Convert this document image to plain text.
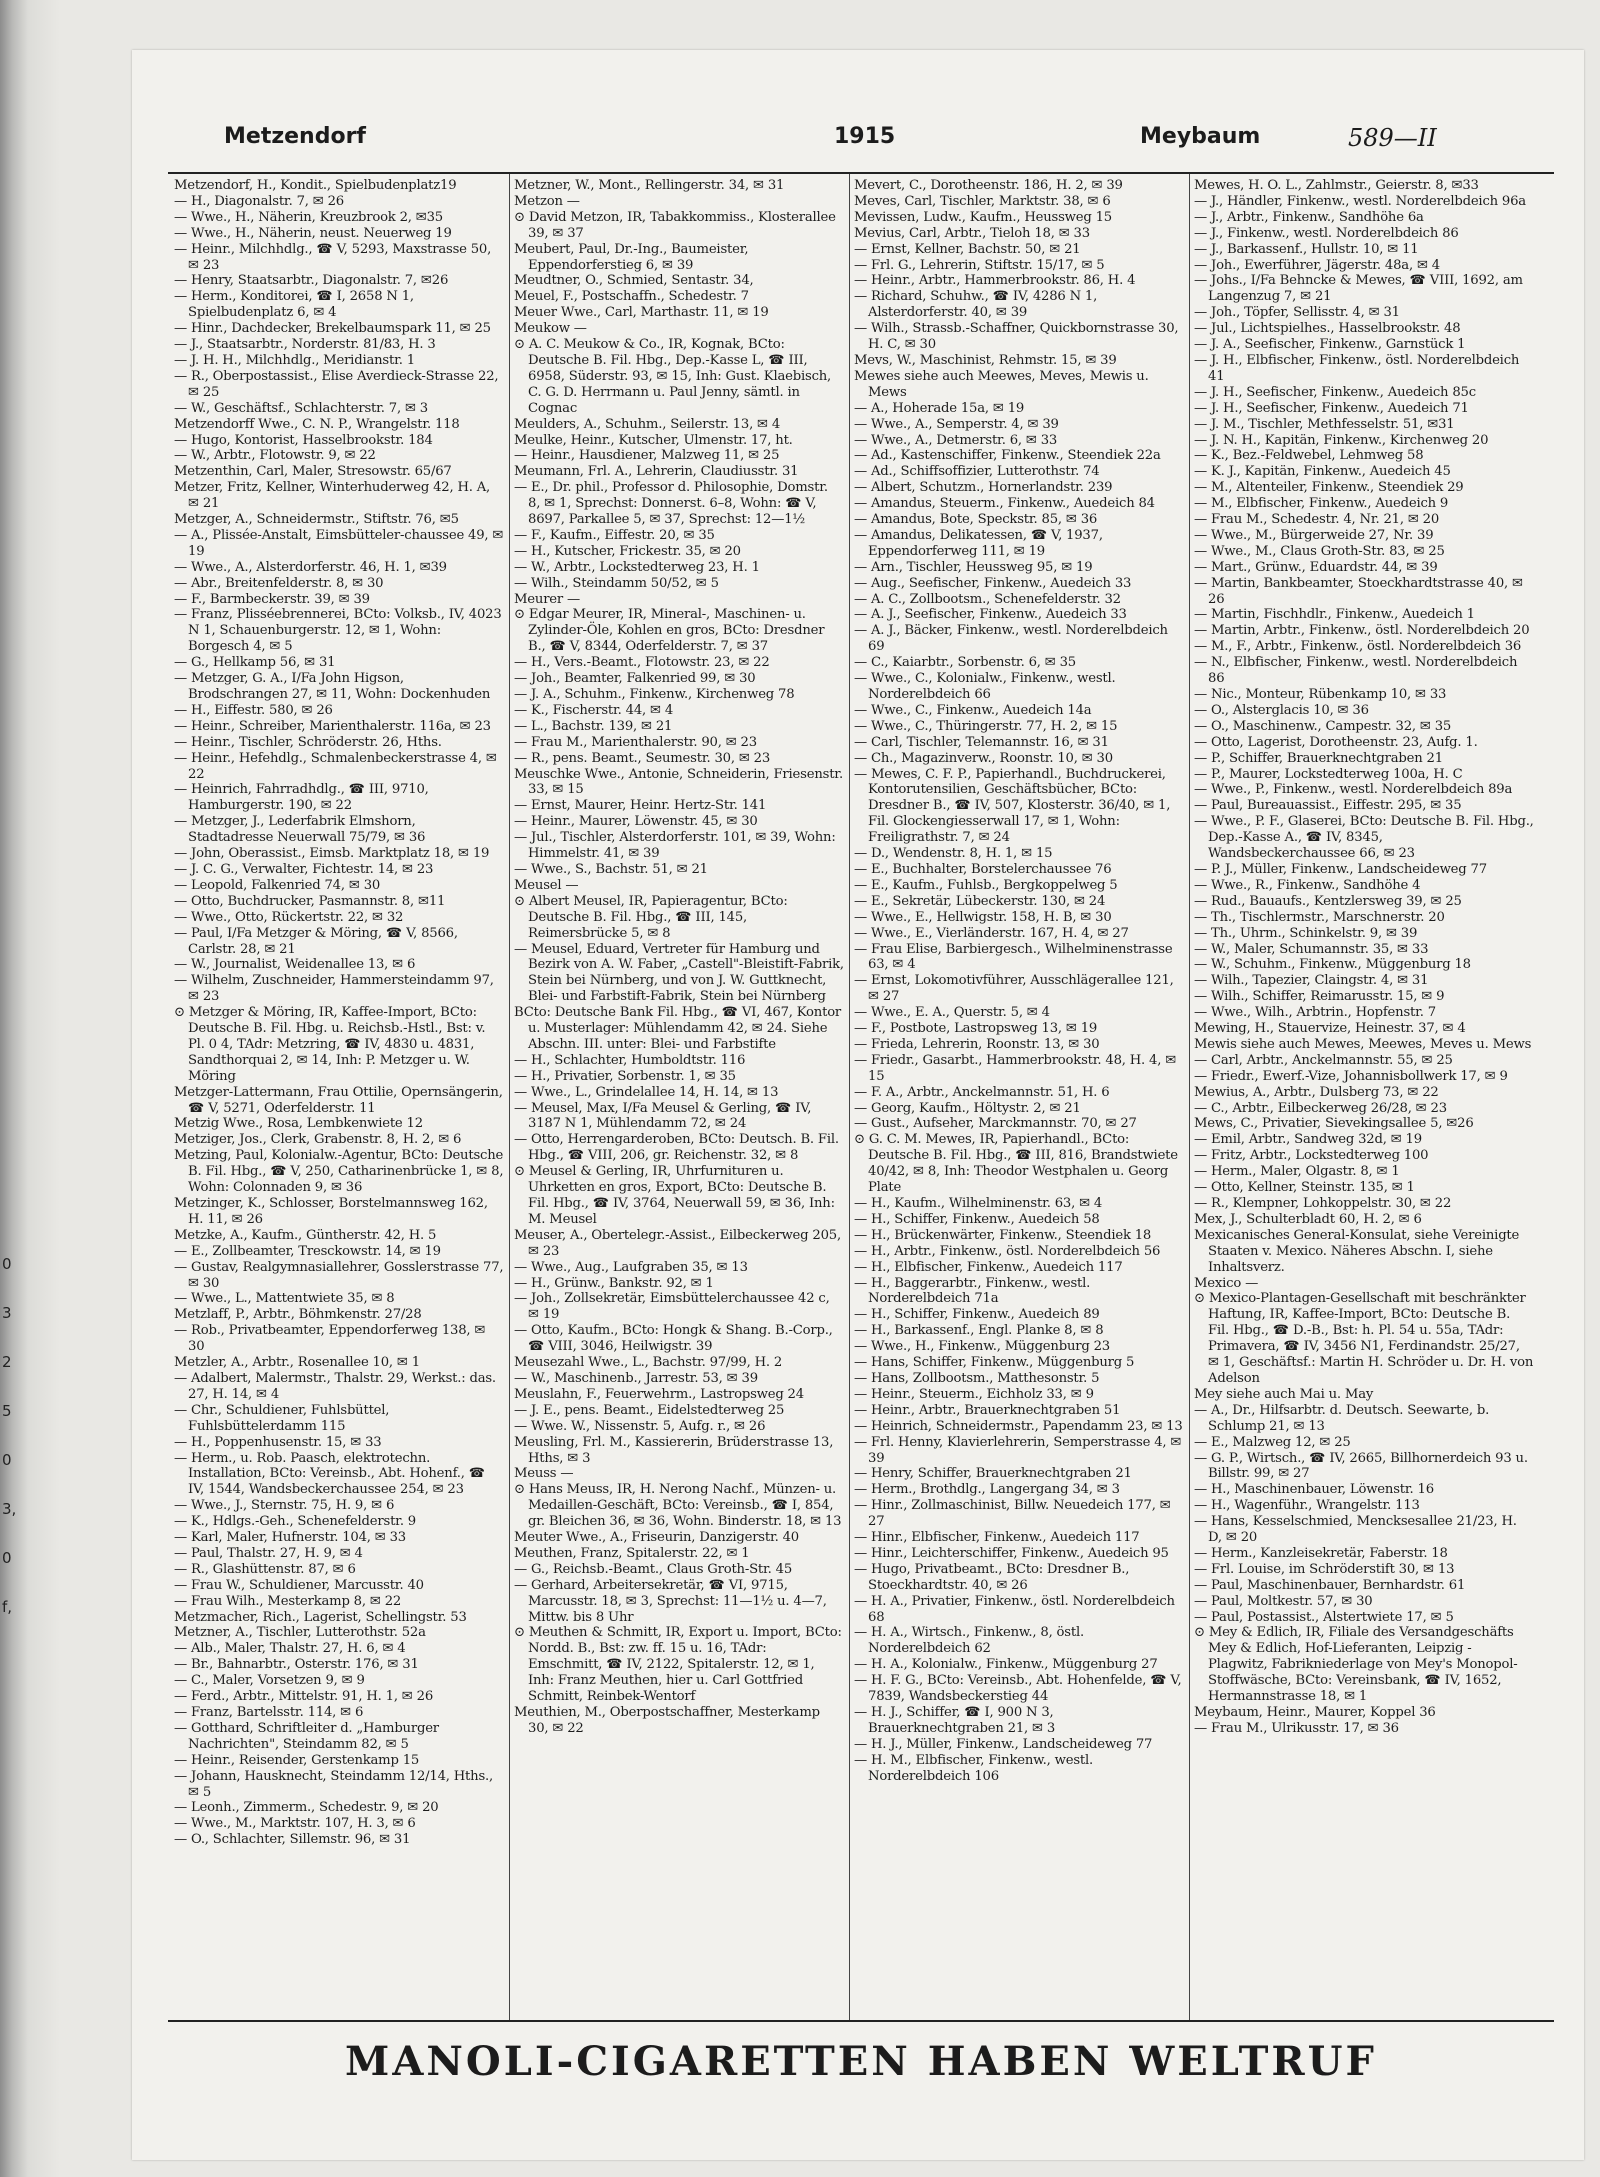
0
3
2
5
0
3,
0
f,
Metzendorf	1915	Meybaum	589—II

Metzendorf, H., Kondit., Spielbudenplatz19

— H., Diagonalstr. 7, ✉ 26

— Wwe., H., Näherin, Kreuzbrook 2, ✉35

— Wwe., H., Näherin, neust. Neuerweg 19

— Heinr., Milchhdlg., ☎ V, 5293, Maxstrasse 50, ✉ 23

— Henry, Staatsarbtr., Diagonalstr. 7, ✉26

— Herm., Konditorei, ☎ I, 2658 N 1, Spielbudenplatz 6, ✉ 4

— Hinr., Dachdecker, Brekelbaumspark 11, ✉ 25

— J., Staatsarbtr., Norderstr. 81/83, H. 3

— J. H. H., Milchhdlg., Meridianstr. 1

— R., Oberpostassist., Elise Averdieck-Strasse 22, ✉ 25

— W., Geschäftsf., Schlachterstr. 7, ✉ 3

Metzendorff Wwe., C. N. P., Wrangelstr. 118

— Hugo, Kontorist, Hasselbrookstr. 184

— W., Arbtr., Flotowstr. 9, ✉ 22

Metzenthin, Carl, Maler, Stresowstr. 65/67

Metzer, Fritz, Kellner, Winterhuderweg 42, H. A, ✉ 21

Metzger, A., Schneidermstr., Stiftstr. 76, ✉5

— A., Plissée-Anstalt, Eimsbütteler-chaussee 49, ✉ 19

— Wwe., A., Alsterdorferstr. 46, H. 1, ✉39

— Abr., Breitenfelderstr. 8, ✉ 30

— F., Barmbeckerstr. 39, ✉ 39

— Franz, Plisséebrennerei, BCto: Volksb., IV, 4023 N 1, Schauenburgerstr. 12, ✉ 1, Wohn: Borgesch 4, ✉ 5

— G., Hellkamp 56, ✉ 31

— Metzger, G. A., I/Fa John Higson, Brodschrangen 27, ✉ 11, Wohn: Dockenhuden

— H., Eiffestr. 580, ✉ 26

— Heinr., Schreiber, Marienthalerstr. 116a, ✉ 23

— Heinr., Tischler, Schröderstr. 26, Hths.

— Heinr., Hefehdlg., Schmalenbeckerstrasse 4, ✉ 22

— Heinrich, Fahrradhdlg., ☎ III, 9710, Hamburgerstr. 190, ✉ 22

— Metzger, J., Lederfabrik Elmshorn, Stadtadresse Neuerwall 75/79, ✉ 36

— John, Oberassist., Eimsb. Marktplatz 18, ✉ 19

— J. C. G., Verwalter, Fichtestr. 14, ✉ 23

— Leopold, Falkenried 74, ✉ 30

— Otto, Buchdrucker, Pasmannstr. 8, ✉11

— Wwe., Otto, Rückertstr. 22, ✉ 32

— Paul, I/Fa Metzger & Möring, ☎ V, 8566, Carlstr. 28, ✉ 21

— W., Journalist, Weidenallee 13, ✉ 6

— Wilhelm, Zuschneider, Hammersteindamm 97, ✉ 23

⊙ Metzger & Möring, IR, Kaffee-Import, BCto: Deutsche B. Fil. Hbg. u. Reichsb.-Hstl., Bst: v. Pl. 0 4, TAdr: Metzring, ☎ IV, 4830 u. 4831, Sandthorquai 2, ✉ 14, Inh: P. Metzger u. W. Möring

Metzger-Lattermann, Frau Ottilie, Opernsängerin, ☎ V, 5271, Oderfelderstr. 11

Metzig Wwe., Rosa, Lembkenwiete 12

Metziger, Jos., Clerk, Grabenstr. 8, H. 2, ✉ 6

Metzing, Paul, Kolonialw.-Agentur, BCto: Deutsche B. Fil. Hbg., ☎ V, 250, Catharinenbrücke 1, ✉ 8, Wohn: Colonnaden 9, ✉ 36

Metzinger, K., Schlosser, Borstelmannsweg 162, H. 11, ✉ 26

Metzke, A., Kaufm., Güntherstr. 42, H. 5

— E., Zollbeamter, Tresckowstr. 14, ✉ 19

— Gustav, Realgymnasiallehrer, Gosslerstrasse 77, ✉ 30

— Wwe., L., Mattentwiete 35, ✉ 8

Metzlaff, P., Arbtr., Böhmkenstr. 27/28

— Rob., Privatbeamter, Eppendorferweg 138, ✉ 30

Metzler, A., Arbtr., Rosenallee 10, ✉ 1

— Adalbert, Malermstr., Thalstr. 29, Werkst.: das. 27, H. 14, ✉ 4

— Chr., Schuldiener, Fuhlsbüttel, Fuhlsbüttelerdamm 115

— H., Poppenhusenstr. 15, ✉ 33

— Herm., u. Rob. Paasch, elektrotechn. Installation, BCto: Vereinsb., Abt. Hohenf., ☎ IV, 1544, Wandsbeckerchaussee 254, ✉ 23

— Wwe., J., Sternstr. 75, H. 9, ✉ 6

— K., Hdlgs.-Geh., Schenefelderstr. 9

— Karl, Maler, Hufnerstr. 104, ✉ 33

— Paul, Thalstr. 27, H. 9, ✉ 4

— R., Glashüttenstr. 87, ✉ 6

— Frau W., Schuldiener, Marcusstr. 40

— Frau Wilh., Mesterkamp 8, ✉ 22

Metzmacher, Rich., Lagerist, Schellingstr. 53

Metzner, A., Tischler, Lutterothstr. 52a

— Alb., Maler, Thalstr. 27, H. 6, ✉ 4

— Br., Bahnarbtr., Osterstr. 176, ✉ 31

— C., Maler, Vorsetzen 9, ✉ 9

— Ferd., Arbtr., Mittelstr. 91, H. 1, ✉ 26

— Franz, Bartelsstr. 114, ✉ 6

— Gotthard, Schriftleiter d. „Hamburger Nachrichten", Steindamm 82, ✉ 5

— Heinr., Reisender, Gerstenkamp 15

— Johann, Hausknecht, Steindamm 12/14, Hths., ✉ 5

— Leonh., Zimmerm., Schedestr. 9, ✉ 20

— Wwe., M., Marktstr. 107, H. 3, ✉ 6

— O., Schlachter, Sillemstr. 96, ✉ 31

Metzner, W., Mont., Rellingerstr. 34, ✉ 31

Metzon —

⊙ David Metzon, IR, Tabakkommiss., Klosterallee 39, ✉ 37

Meubert, Paul, Dr.-Ing., Baumeister, Eppendorferstieg 6, ✉ 39

Meudtner, O., Schmied, Sentastr. 34,

Meuel, F., Postschaffn., Schedestr. 7

Meuer Wwe., Carl, Marthastr. 11, ✉ 19

Meukow —

⊙ A. C. Meukow & Co., IR, Kognak, BCto: Deutsche B. Fil. Hbg., Dep.-Kasse L, ☎ III, 6958, Süderstr. 93, ✉ 15, Inh: Gust. Klaebisch, C. G. D. Herrmann u. Paul Jenny, sämtl. in Cognac

Meulders, A., Schuhm., Seilerstr. 13, ✉ 4

Meulke, Heinr., Kutscher, Ulmenstr. 17, ht.

— Heinr., Hausdiener, Malzweg 11, ✉ 25

Meumann, Frl. A., Lehrerin, Claudiusstr. 31

— E., Dr. phil., Professor d. Philosophie, Domstr. 8, ✉ 1, Sprechst: Donnerst. 6–8, Wohn: ☎ V, 8697, Parkallee 5, ✉ 37, Sprechst: 12—1½

— F., Kaufm., Eiffestr. 20, ✉ 35

— H., Kutscher, Frickestr. 35, ✉ 20

— W., Arbtr., Lockstedterweg 23, H. 1

— Wilh., Steindamm 50/52, ✉ 5

Meurer —

⊙ Edgar Meurer, IR, Mineral-, Maschinen- u. Zylinder-Öle, Kohlen en gros, BCto: Dresdner B., ☎ V, 8344, Oderfelderstr. 7, ✉ 37

— H., Vers.-Beamt., Flotowstr. 23, ✉ 22

— Joh., Beamter, Falkenried 99, ✉ 30

— J. A., Schuhm., Finkenw., Kirchenweg 78

— K., Fischerstr. 44, ✉ 4

— L., Bachstr. 139, ✉ 21

— Frau M., Marienthalerstr. 90, ✉ 23

— R., pens. Beamt., Seumestr. 30, ✉ 23

Meuschke Wwe., Antonie, Schneiderin, Friesenstr. 33, ✉ 15

— Ernst, Maurer, Heinr. Hertz-Str. 141

— Heinr., Maurer, Löwenstr. 45, ✉ 30

— Jul., Tischler, Alsterdorferstr. 101, ✉ 39, Wohn: Himmelstr. 41, ✉ 39

— Wwe., S., Bachstr. 51, ✉ 21

Meusel —

⊙ Albert Meusel, IR, Papieragentur, BCto: Deutsche B. Fil. Hbg., ☎ III, 145, Reimersbrücke 5, ✉ 8

— Meusel, Eduard, Vertreter für Hamburg und Bezirk von A. W. Faber, „Castell"-Bleistift-Fabrik, Stein bei Nürnberg, und von J. W. Guttknecht, Blei- und Farbstift-Fabrik, Stein bei Nürnberg

BCto: Deutsche Bank Fil. Hbg., ☎ VI, 467, Kontor u. Musterlager: Mühlendamm 42, ✉ 24. Siehe Abschn. III. unter: Blei- und Farbstifte

— H., Schlachter, Humboldtstr. 116

— H., Privatier, Sorbenstr. 1, ✉ 35

— Wwe., L., Grindelallee 14, H. 14, ✉ 13

— Meusel, Max, I/Fa Meusel & Gerling, ☎ IV, 3187 N 1, Mühlendamm 72, ✉ 24

— Otto, Herrengarderoben, BCto: Deutsch. B. Fil. Hbg., ☎ VIII, 206, gr. Reichenstr. 32, ✉ 8

⊙ Meusel & Gerling, IR, Uhrfurnituren u. Uhrketten en gros, Export, BCto: Deutsche B. Fil. Hbg., ☎ IV, 3764, Neuerwall 59, ✉ 36, Inh: M. Meusel

Meuser, A., Obertelegr.-Assist., Eilbeckerweg 205, ✉ 23

— Wwe., Aug., Laufgraben 35, ✉ 13

— H., Grünw., Bankstr. 92, ✉ 1

— Joh., Zollsekretär, Eimsbüttelerchaussee 42 c, ✉ 19

— Otto, Kaufm., BCto: Hongk & Shang. B.-Corp., ☎ VIII, 3046, Heilwigstr. 39

Meusezahl Wwe., L., Bachstr. 97/99, H. 2

— W., Maschinenb., Jarrestr. 53, ✉ 39

Meuslahn, F., Feuerwehrm., Lastropsweg 24

— J. E., pens. Beamt., Eidelstedterweg 25

— Wwe. W., Nissenstr. 5, Aufg. r., ✉ 26

Meusling, Frl. M., Kassiererin, Brüderstrasse 13, Hths, ✉ 3

Meuss —

⊙ Hans Meuss, IR, H. Nerong Nachf., Münzen- u. Medaillen-Geschäft, BCto: Vereinsb., ☎ I, 854, gr. Bleichen 36, ✉ 36, Wohn. Binderstr. 18, ✉ 13

Meuter Wwe., A., Friseurin, Danzigerstr. 40

Meuthen, Franz, Spitalerstr. 22, ✉ 1

— G., Reichsb.-Beamt., Claus Groth-Str. 45

— Gerhard, Arbeitersekretär, ☎ VI, 9715, Marcusstr. 18, ✉ 3, Sprechst: 11—1½ u. 4—7, Mittw. bis 8 Uhr

⊙ Meuthen & Schmitt, IR, Export u. Import, BCto: Nordd. B., Bst: zw. ff. 15 u. 16, TAdr: Emschmitt, ☎ IV, 2122, Spitalerstr. 12, ✉ 1, Inh: Franz Meuthen, hier u. Carl Gottfried Schmitt, Reinbek-Wentorf

Meuthien, M., Oberpostschaffner, Mesterkamp 30, ✉ 22

Mevert, C., Dorotheenstr. 186, H. 2, ✉ 39

Meves, Carl, Tischler, Marktstr. 38, ✉ 6

Mevissen, Ludw., Kaufm., Heussweg 15

Mevius, Carl, Arbtr., Tieloh 18, ✉ 33

— Ernst, Kellner, Bachstr. 50, ✉ 21

— Frl. G., Lehrerin, Stiftstr. 15/17, ✉ 5

— Heinr., Arbtr., Hammerbrookstr. 86, H. 4

— Richard, Schuhw., ☎ IV, 4286 N 1, Alsterdorferstr. 40, ✉ 39

— Wilh., Strassb.-Schaffner, Quickbornstrasse 30, H. C, ✉ 30

Mevs, W., Maschinist, Rehmstr. 15, ✉ 39

Mewes siehe auch Meewes, Meves, Mewis u. Mews

— A., Hoherade 15a, ✉ 19

— Wwe., A., Semperstr. 4, ✉ 39

— Wwe., A., Detmerstr. 6, ✉ 33

— Ad., Kastenschiffer, Finkenw., Steendiek 22a

— Ad., Schiffsoffizier, Lutterothstr. 74

— Albert, Schutzm., Hornerlandstr. 239

— Amandus, Steuerm., Finkenw., Auedeich 84

— Amandus, Bote, Speckstr. 85, ✉ 36

— Amandus, Delikatessen, ☎ V, 1937, Eppendorferweg 111, ✉ 19

— Arn., Tischler, Heussweg 95, ✉ 19

— Aug., Seefischer, Finkenw., Auedeich 33

— A. C., Zollbootsm., Schenefelderstr. 32

— A. J., Seefischer, Finkenw., Auedeich 33

— A. J., Bäcker, Finkenw., westl. Norderelbdeich 69

— C., Kaiarbtr., Sorbenstr. 6, ✉ 35

— Wwe., C., Kolonialw., Finkenw., westl. Norderelbdeich 66

— Wwe., C., Finkenw., Auedeich 14a

— Wwe., C., Thüringerstr. 77, H. 2, ✉ 15

— Carl, Tischler, Telemannstr. 16, ✉ 31

— Ch., Magazinverw., Roonstr. 10, ✉ 30

— Mewes, C. F. P., Papierhandl., Buchdruckerei, Kontorutensilien, Geschäftsbücher, BCto: Dresdner B., ☎ IV, 507, Klosterstr. 36/40, ✉ 1, Fil. Glockengiesserwall 17, ✉ 1, Wohn: Freiligrathstr. 7, ✉ 24

— D., Wendenstr. 8, H. 1, ✉ 15

— E., Buchhalter, Borstelerchaussee 76

— E., Kaufm., Fuhlsb., Bergkoppelweg 5

— E., Sekretär, Lübeckerstr. 130, ✉ 24

— Wwe., E., Hellwigstr. 158, H. B, ✉ 30

— Wwe., E., Vierländerstr. 167, H. 4, ✉ 27

— Frau Elise, Barbiergesch., Wilhelminenstrasse 63, ✉ 4

— Ernst, Lokomotivführer, Ausschlägerallee 121, ✉ 27

— Wwe., E. A., Querstr. 5, ✉ 4

— F., Postbote, Lastropsweg 13, ✉ 19

— Frieda, Lehrerin, Roonstr. 13, ✉ 30

— Friedr., Gasarbt., Hammerbrookstr. 48, H. 4, ✉ 15

— F. A., Arbtr., Anckelmannstr. 51, H. 6

— Georg, Kaufm., Höltystr. 2, ✉ 21

— Gust., Aufseher, Marckmannstr. 70, ✉ 27

⊙ G. C. M. Mewes, IR, Papierhandl., BCto: Deutsche B. Fil. Hbg., ☎ III, 816, Brandstwiete 40/42, ✉ 8, Inh: Theodor Westphalen u. Georg Plate

— H., Kaufm., Wilhelminenstr. 63, ✉ 4

— H., Schiffer, Finkenw., Auedeich 58

— H., Brückenwärter, Finkenw., Steendiek 18

— H., Arbtr., Finkenw., östl. Norderelbdeich 56

— H., Elbfischer, Finkenw., Auedeich 117

— H., Baggerarbtr., Finkenw., westl. Norderelbdeich 71a

— H., Schiffer, Finkenw., Auedeich 89

— H., Barkassenf., Engl. Planke 8, ✉ 8

— Wwe., H., Finkenw., Müggenburg 23

— Hans, Schiffer, Finkenw., Müggenburg 5

— Hans, Zollbootsm., Matthesonstr. 5

— Heinr., Steuerm., Eichholz 33, ✉ 9

— Heinr., Arbtr., Brauerknechtgraben 51

— Heinrich, Schneidermstr., Papendamm 23, ✉ 13

— Frl. Henny, Klavierlehrerin, Semperstrasse 4, ✉ 39

— Henry, Schiffer, Brauerknechtgraben 21

— Herm., Brothdlg., Langergang 34, ✉ 3

— Hinr., Zollmaschinist, Billw. Neuedeich 177, ✉ 27

— Hinr., Elbfischer, Finkenw., Auedeich 117

— Hinr., Leichterschiffer, Finkenw., Auedeich 95

— Hugo, Privatbeamt., BCto: Dresdner B., Stoeckhardtstr. 40, ✉ 26

— H. A., Privatier, Finkenw., östl. Norderelbdeich 68

— H. A., Wirtsch., Finkenw., 8, östl. Norderelbdeich 62

— H. A., Kolonialw., Finkenw., Müggenburg 27

— H. F. G., BCto: Vereinsb., Abt. Hohenfelde, ☎ V, 7839, Wandsbeckerstieg 44

— H. J., Schiffer, ☎ I, 900 N 3, Brauerknechtgraben 21, ✉ 3

— H. J., Müller, Finkenw., Landscheideweg 77

— H. M., Elbfischer, Finkenw., westl. Norderelbdeich 106

Mewes, H. O. L., Zahlmstr., Geierstr. 8, ✉33

— J., Händler, Finkenw., westl. Norderelbdeich 96a

— J., Arbtr., Finkenw., Sandhöhe 6a

— J., Finkenw., westl. Norderelbdeich 86

— J., Barkassenf., Hullstr. 10, ✉ 11

— Joh., Ewerführer, Jägerstr. 48a, ✉ 4

— Johs., I/Fa Behncke & Mewes, ☎ VIII, 1692, am Langenzug 7, ✉ 21

— Joh., Töpfer, Sellisstr. 4, ✉ 31

— Jul., Lichtspielhes., Hasselbrookstr. 48

— J. A., Seefischer, Finkenw., Garnstück 1

— J. H., Elbfischer, Finkenw., östl. Norderelbdeich 41

— J. H., Seefischer, Finkenw., Auedeich 85c

— J. H., Seefischer, Finkenw., Auedeich 71

— J. M., Tischler, Methfesselstr. 51, ✉31

— J. N. H., Kapitän, Finkenw., Kirchenweg 20

— K., Bez.-Feldwebel, Lehmweg 58

— K. J., Kapitän, Finkenw., Auedeich 45

— M., Altenteiler, Finkenw., Steendiek 29

— M., Elbfischer, Finkenw., Auedeich 9

— Frau M., Schedestr. 4, Nr. 21, ✉ 20

— Wwe., M., Bürgerweide 27, Nr. 39

— Wwe., M., Claus Groth-Str. 83, ✉ 25

— Mart., Grünw., Eduardstr. 44, ✉ 39

— Martin, Bankbeamter, Stoeckhardtstrasse 40, ✉ 26

— Martin, Fischhdlr., Finkenw., Auedeich 1

— Martin, Arbtr., Finkenw., östl. Norderelbdeich 20

— M., F., Arbtr., Finkenw., östl. Norderelbdeich 36

— N., Elbfischer, Finkenw., westl. Norderelbdeich 86

— Nic., Monteur, Rübenkamp 10, ✉ 33

— O., Alsterglacis 10, ✉ 36

— O., Maschinenw., Campestr. 32, ✉ 35

— Otto, Lagerist, Dorotheenstr. 23, Aufg. 1.

— P., Schiffer, Brauerknechtgraben 21

— P., Maurer, Lockstedterweg 100a, H. C

— Wwe., P., Finkenw., westl. Norderelbdeich 89a

— Paul, Bureauassist., Eiffestr. 295, ✉ 35

— Wwe., P. F., Glaserei, BCto: Deutsche B. Fil. Hbg., Dep.-Kasse A., ☎ IV, 8345, Wandsbeckerchaussee 66, ✉ 23

— P. J., Müller, Finkenw., Landscheideweg 77

— Wwe., R., Finkenw., Sandhöhe 4

— Rud., Bauaufs., Kentzlersweg 39, ✉ 25

— Th., Tischlermstr., Marschnerstr. 20

— Th., Uhrm., Schinkelstr. 9, ✉ 39

— W., Maler, Schumannstr. 35, ✉ 33

— W., Schuhm., Finkenw., Müggenburg 18

— Wilh., Tapezier, Claingstr. 4, ✉ 31

— Wilh., Schiffer, Reimarusstr. 15, ✉ 9

— Wwe., Wilh., Arbtrin., Hopfenstr. 7

Mewing, H., Stauervize, Heinestr. 37, ✉ 4

Mewis siehe auch Mewes, Meewes, Meves u. Mews

— Carl, Arbtr., Anckelmannstr. 55, ✉ 25

— Friedr., Ewerf.-Vize, Johannisbollwerk 17, ✉ 9

Mewius, A., Arbtr., Dulsberg 73, ✉ 22

— C., Arbtr., Eilbeckerweg 26/28, ✉ 23

Mews, C., Privatier, Sievekingsallee 5, ✉26

— Emil, Arbtr., Sandweg 32d, ✉ 19

— Fritz, Arbtr., Lockstedterweg 100

— Herm., Maler, Olgastr. 8, ✉ 1

— Otto, Kellner, Steinstr. 135, ✉ 1

— R., Klempner, Lohkoppelstr. 30, ✉ 22

Mex, J., Schulterbladt 60, H. 2, ✉ 6

Mexicanisches General-Konsulat, siehe Vereinigte Staaten v. Mexico. Näheres Abschn. I, siehe Inhaltsverz.

Mexico —

⊙ Mexico-Plantagen-Gesellschaft mit beschränkter Haftung, IR, Kaffee-Import, BCto: Deutsche B. Fil. Hbg., ☎ D.-B., Bst: h. Pl. 54 u. 55a, TAdr: Primavera, ☎ IV, 3456 N1, Ferdinandstr. 25/27, ✉ 1, Geschäftsf.: Martin H. Schröder u. Dr. H. von Adelson

Mey siehe auch Mai u. May

— A., Dr., Hilfsarbtr. d. Deutsch. Seewarte, b. Schlump 21, ✉ 13

— E., Malzweg 12, ✉ 25

— G. P., Wirtsch., ☎ IV, 2665, Billhornerdeich 93 u. Billstr. 99, ✉ 27

— H., Maschinenbauer, Löwenstr. 16

— H., Wagenführ., Wrangelstr. 113

— Hans, Kesselschmied, Mencksesallee 21/23, H. D, ✉ 20

— Herm., Kanzleisekretär, Faberstr. 18

— Frl. Louise, im Schröderstift 30, ✉ 13

— Paul, Maschinenbauer, Bernhardstr. 61

— Paul, Moltkestr. 57, ✉ 30

— Paul, Postassist., Alstertwiete 17, ✉ 5

⊙ Mey & Edlich, IR, Filiale des Versandgeschäfts Mey & Edlich, Hof-Lieferanten, Leipzig - Plagwitz, Fabrikniederlage von Mey's Monopol-Stoffwäsche, BCto: Vereinsbank, ☎ IV, 1652, Hermannstrasse 18, ✉ 1

Meybaum, Heinr., Maurer, Koppel 36

— Frau M., Ulrikusstr. 17, ✉ 36

MANOLI-CIGARETTEN HABEN WELTRUF
